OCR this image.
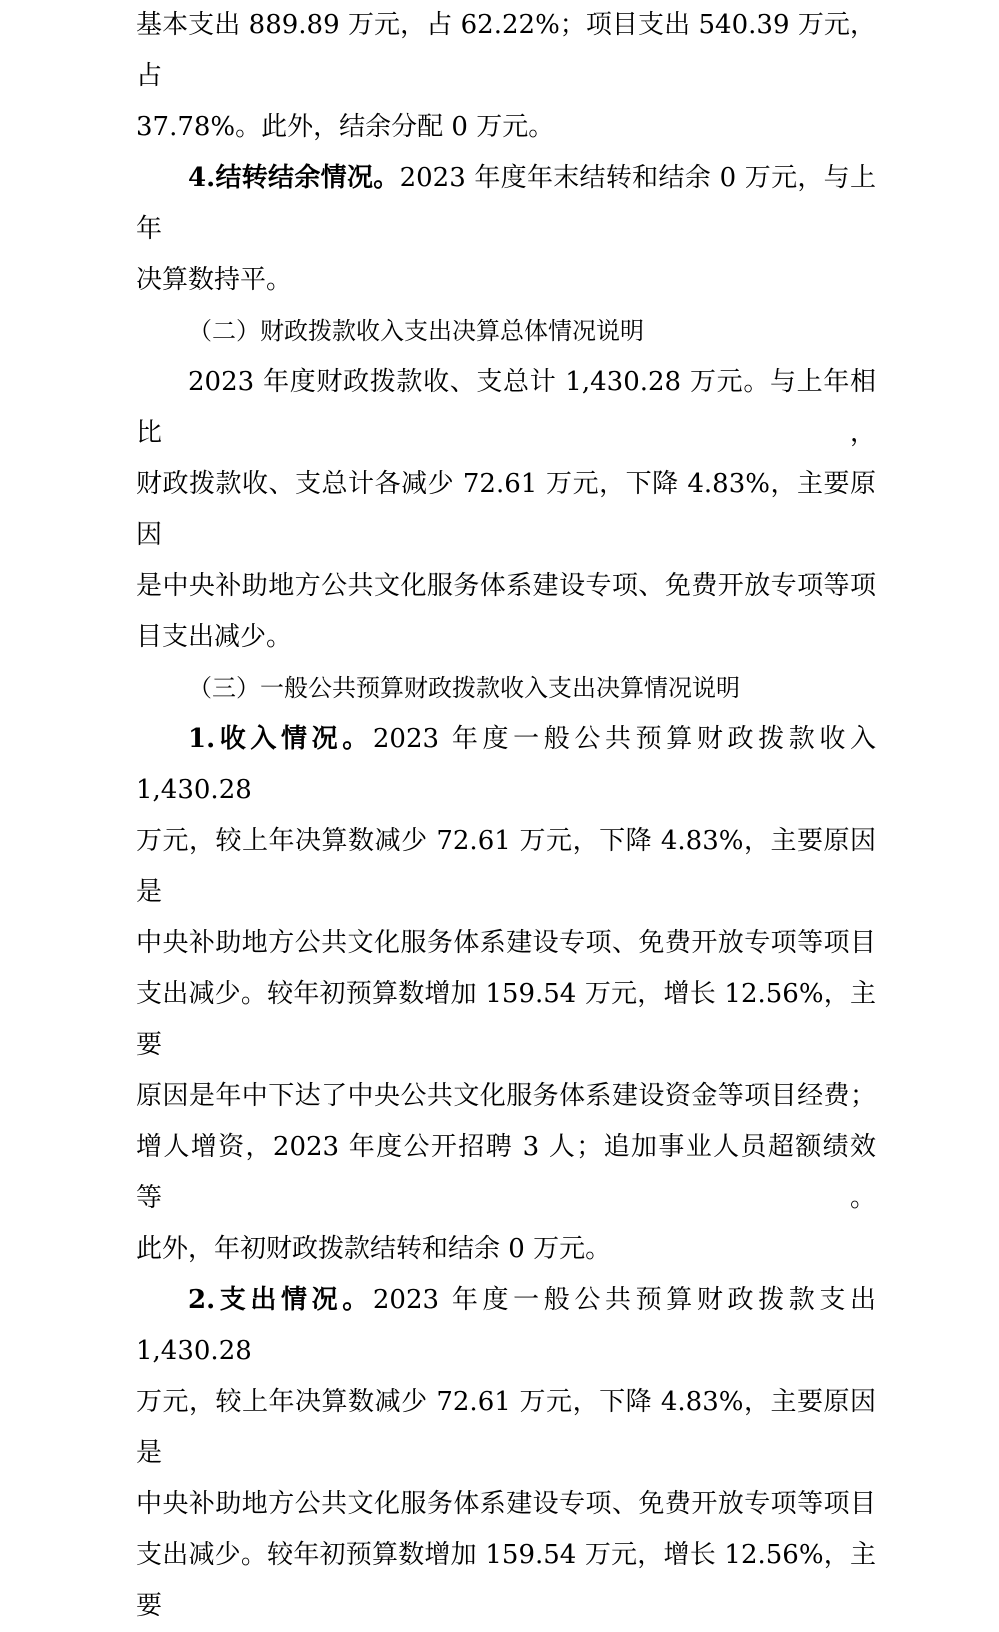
基本支出 889.89 万元，占 62.22%；项目支出 540.39 万元，占
37.78%。此外，结余分配 0 万元。

4.结转结余情况。2023 年度年末结转和结余 0 万元，与上年

决算数持平。

（二）财政拨款收入支出决算总体情况说明

2023 年度财政拨款收、支总计 1,430.28 万元。与上年相比，

财政拨款收、支总计各减少 72.61 万元，下降 4.83%，主要原因

是中央补助地方公共文化服务体系建设专项、免费开放专项等项

目支出减少。

（三）一般公共预算财政拨款收入支出决算情况说明

1.收入情况。2023 年度一般公共预算财政拨款收入 1,430.28

万元，较上年决算数减少 72.61 万元，下降 4.83%，主要原因是

中央补助地方公共文化服务体系建设专项、免费开放专项等项目

支出减少。较年初预算数增加 159.54 万元，增长 12.56%，主要

原因是年中下达了中央公共文化服务体系建设资金等项目经费；

增人增资，2023 年度公开招聘 3 人；追加事业人员超额绩效等。

此外，年初财政拨款结转和结余 0 万元。

2.支出情况。2023 年度一般公共预算财政拨款支出 1,430.28

万元，较上年决算数减少 72.61 万元，下降 4.83%，主要原因是

中央补助地方公共文化服务体系建设专项、免费开放专项等项目

支出减少。较年初预算数增加 159.54 万元，增长 12.56%，主要
